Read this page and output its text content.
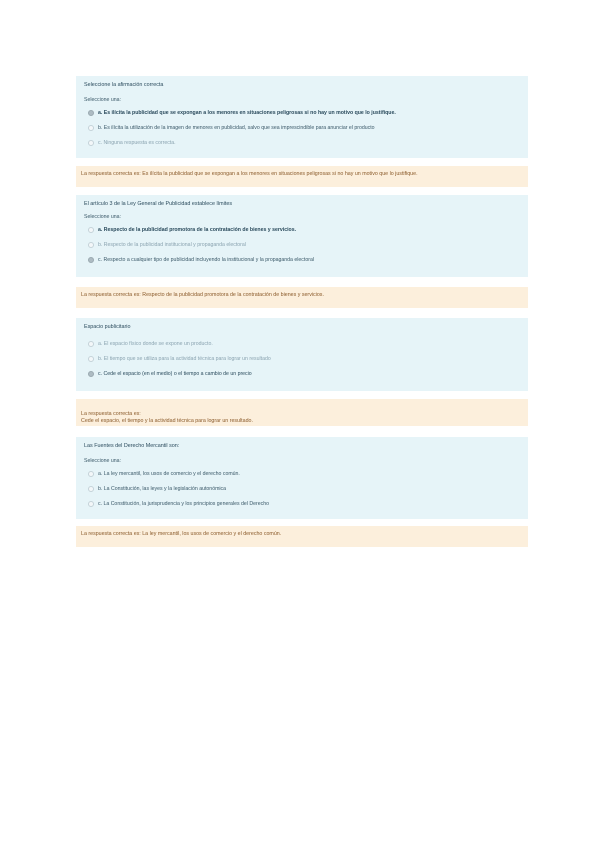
Seleccione la afirmación correcta
Seleccione una:
a. Es ilícita la publicidad que se expongan a los menores en situaciones peligrosas si no hay un motivo que lo justifique.
b. Es ilícita la utilización de la imagen de menores en publicidad, salvo que sea imprescindible para anunciar el producto
c. Ninguna respuesta es correcta.
La respuesta correcta es: Es ilícita la publicidad que se expongan a los menores en situaciones peligrosas si no hay un motivo que lo justifique.
El artículo 3 de la Ley General de Publicidad establece límites
Seleccione una:
a. Respecto de la publicidad promotora de la contratación de bienes y servicios.
b. Respecto de la publicidad institucional y propaganda electoral
c. Respecto a cualquier tipo de publicidad incluyendo la institucional y la propaganda electoral
La respuesta correcta es: Respecto de la publicidad promotora de la contratación de bienes y servicios.
Espacio publicitario
a. El espacio físico donde se expone un producto.
b. El tiempo que se utiliza para la actividad técnica para lograr un resultado
c. Cede el espacio (en el medio) o el tiempo a cambio de un precio

La respuesta correcta es:
Cede el espacio, el tiempo y la actividad técnica para lograr un resultado.

Las Fuentes del Derecho Mercantil son:
Seleccione una:
a. La ley mercantil, los usos de comercio y el derecho común.
b. La Constitución, las leyes y la legislación autonómica
c. La Constitución, la jurisprudencia y los principios generales del Derecho
La respuesta correcta es: La ley mercantil, los usos de comercio y el derecho común.
